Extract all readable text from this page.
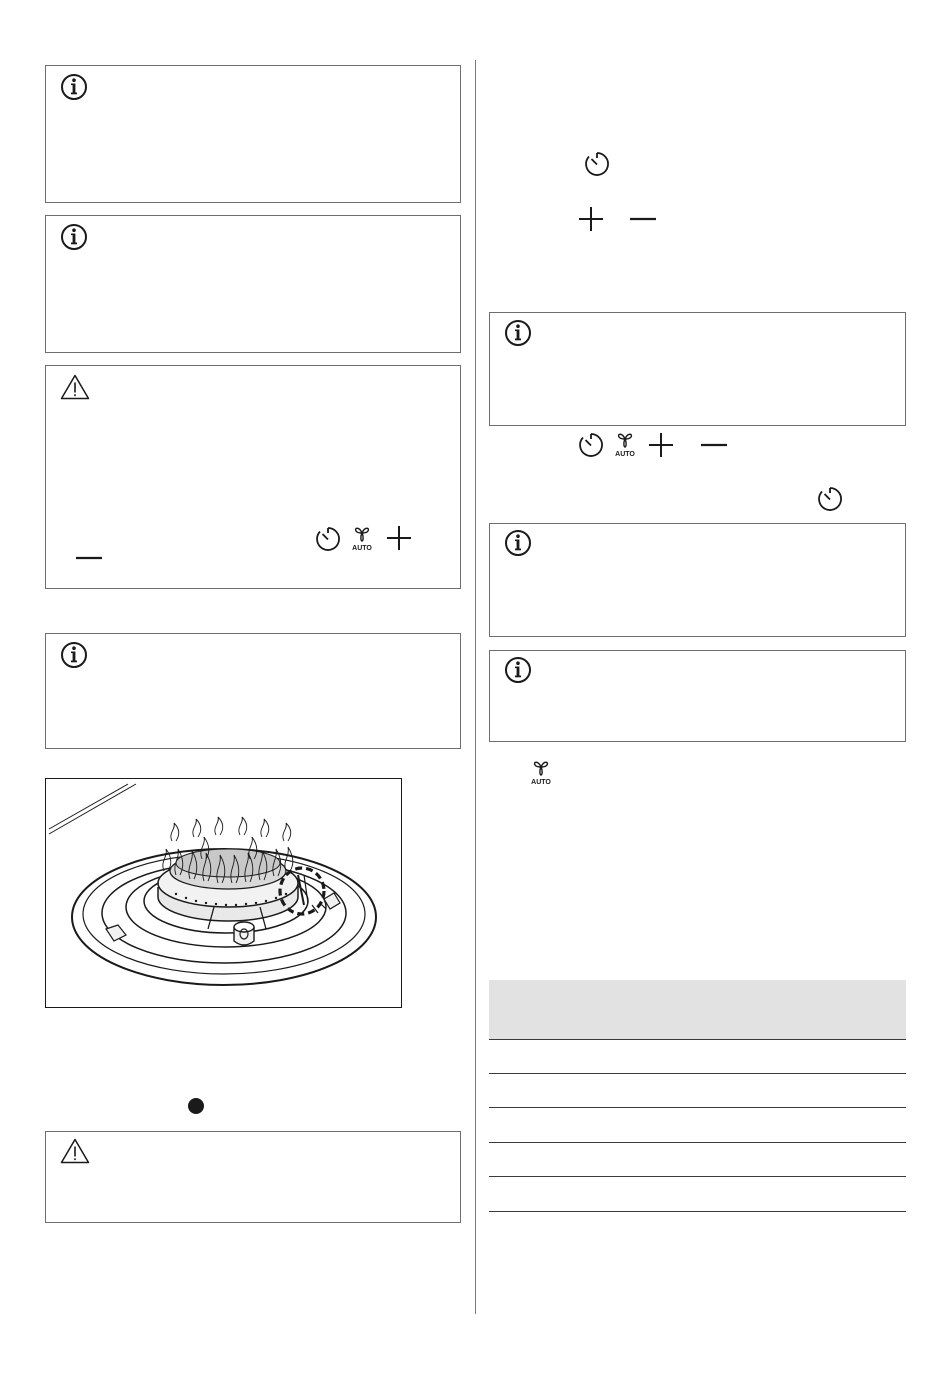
AUTO
AUTO
AUTO
